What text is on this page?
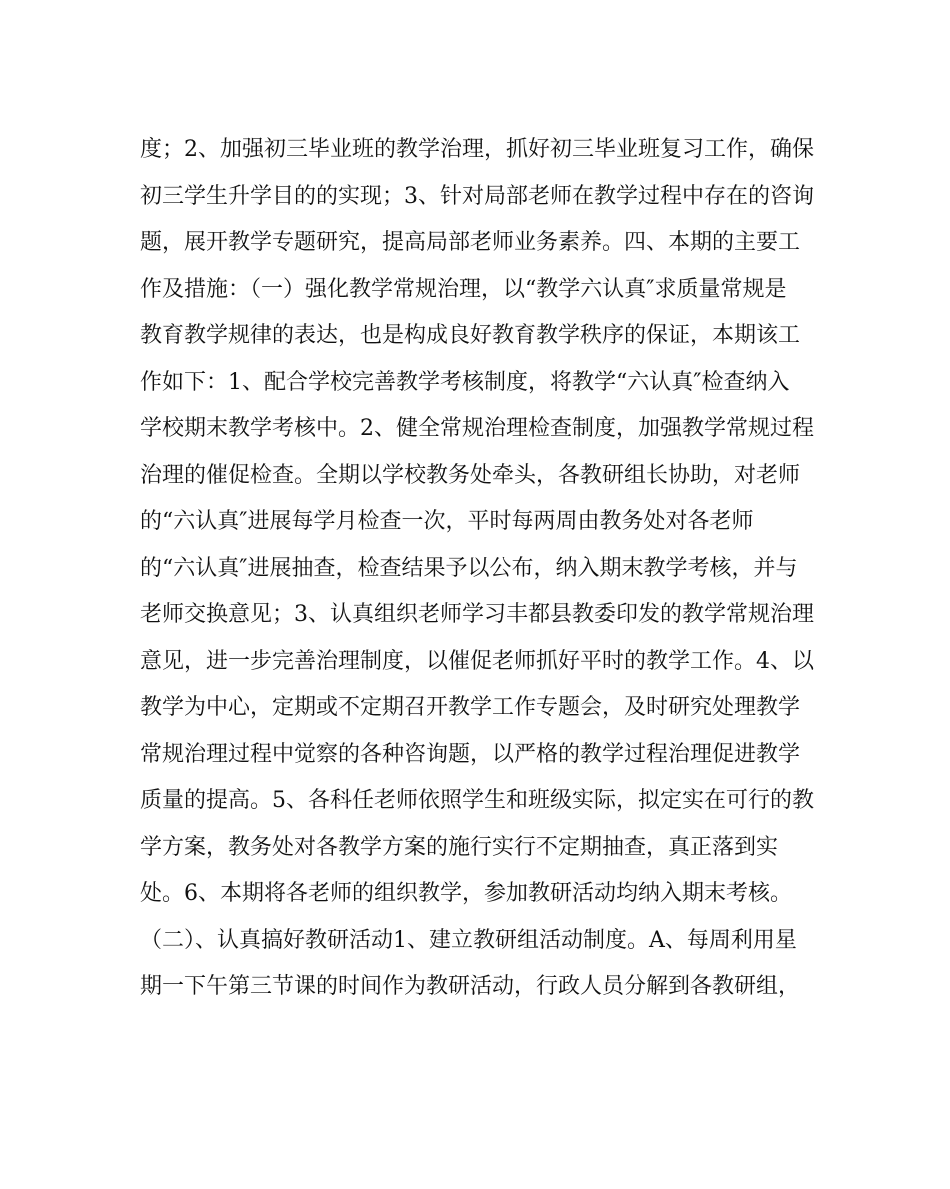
度；2、加强初三毕业班的教学治理，抓好初三毕业班复习工作，确保
初三学生升学目的的实现；3、针对局部老师在教学过程中存在的咨询
题，展开教学专题研究，提高局部老师业务素养。四、本期的主要工
作及措施：（一）强化教学常规治理，以“教学六认真″求质量常规是
教育教学规律的表达，也是构成良好教育教学秩序的保证，本期该工
作如下：1、配合学校完善教学考核制度，将教学“六认真″检查纳入
学校期末教学考核中。2、健全常规治理检查制度，加强教学常规过程
治理的催促检查。全期以学校教务处牵头，各教研组长协助，对老师
的“六认真″进展每学月检查一次，平时每两周由教务处对各老师
的“六认真″进展抽查，检查结果予以公布，纳入期末教学考核，并与
老师交换意见；3、认真组织老师学习丰都县教委印发的教学常规治理
意见，进一步完善治理制度，以催促老师抓好平时的教学工作。4、以
教学为中心，定期或不定期召开教学工作专题会，及时研究处理教学
常规治理过程中觉察的各种咨询题，以严格的教学过程治理促进教学
质量的提高。5、各科任老师依照学生和班级实际，拟定实在可行的教
学方案，教务处对各教学方案的施行实行不定期抽查，真正落到实
处。6、本期将各老师的组织教学，参加教研活动均纳入期末考核。
（二）、认真搞好教研活动1、建立教研组活动制度。A、每周利用星
期一下午第三节课的时间作为教研活动，行政人员分解到各教研组，
